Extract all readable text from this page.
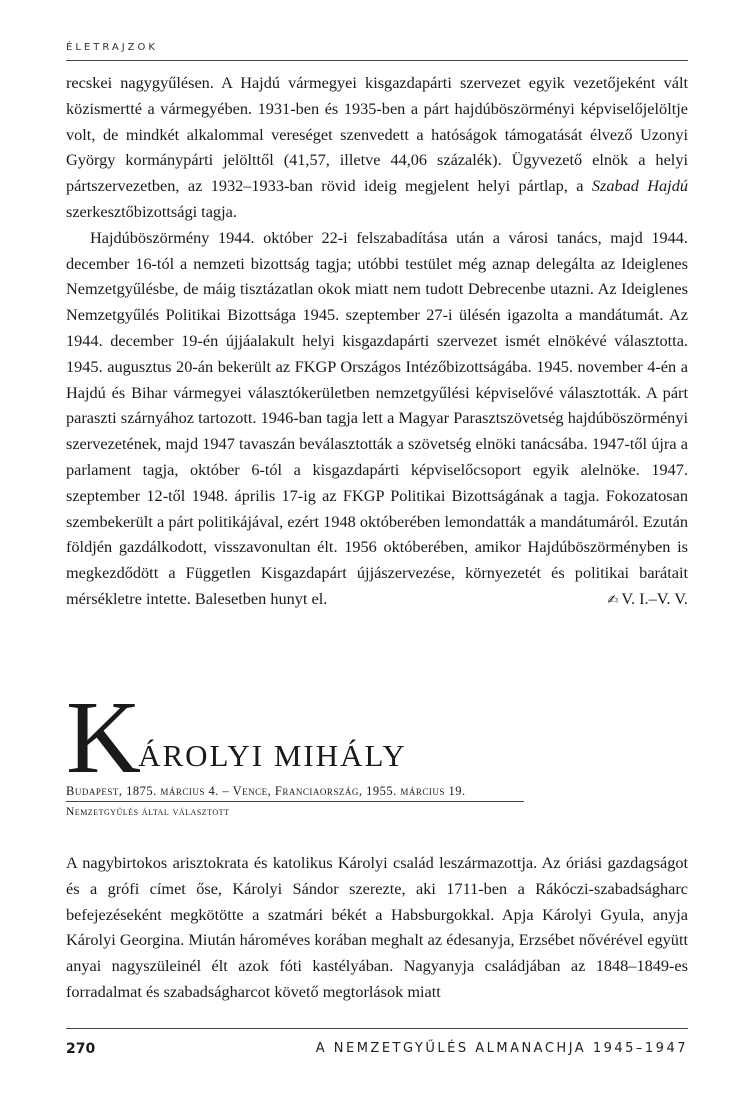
ÉLETRAJZOK

recskei nagygyűlésen. A Hajdú vármegyei kisgazdapárti szervezet egyik vezetőjeként vált közismertté a vármegyében. 1931-ben és 1935-ben a párt hajdúböszörményi képviselőjelöltje volt, de mindkét alkalommal vereséget szenvedett a hatóságok támogatását élvező Uzonyi György kormánypárti jelölttől (41,57, illetve 44,06 százalék). Ügyvezető elnök a helyi pártszervezetben, az 1932–1933-ban rövid ideig megjelent helyi pártlap, a Szabad Hajdú szerkesztőbizottsági tagja.

Hajdúböszörmény 1944. október 22-i felszabadítása után a városi tanács, majd 1944. december 16-tól a nemzeti bizottság tagja; utóbbi testület még aznap delegálta az Ideiglenes Nemzetgyűlésbe, de máig tisztázatlan okok miatt nem tudott Debrecenbe utazni. Az Ideiglenes Nemzetgyűlés Politikai Bizottsága 1945. szeptember 27-i ülésén igazolta a mandátumát. Az 1944. december 19-én újjáalakult helyi kisgazdapárti szervezet ismét elnökévé választotta. 1945. augusztus 20-án bekerült az FKGP Országos Intézőbizottságába. 1945. november 4-én a Hajdú és Bihar vármegyei választókerületben nemzetgyűlési képviselővé választották. A párt paraszti szárnyához tartozott. 1946-ban tagja lett a Magyar Parasztszövetség hajdúböszörményi szervezetének, majd 1947 tavaszán beválasztották a szövetség elnöki tanácsába. 1947-től újra a parlament tagja, október 6-tól a kisgazdapárti képviselőcsoport egyik alelnöke. 1947. szeptember 12-től 1948. április 17-ig az FKGP Politikai Bizottságának a tagja. Fokozatosan szembekerült a párt politikájával, ezért 1948 októberében lemondatták a mandátumáról. Ezután földjén gazdálkodott, visszavonultan élt. 1956 októberében, amikor Hajdúböszörményben is megkezdődött a Független Kisgazdapárt újjászervezése, környezetét és politikai barátait mérsékletre intette. Balesetben hunyt el.	✍ V. I.–V. V.

KÁROLYI MIHÁLY
Budapest, 1875. március 4. – Vence, Franciaország, 1955. március 19.
Nemzetgyűlés által választott

A nagybirtokos arisztokrata és katolikus Károlyi család leszármazottja. Az óriási gazdagságot és a grófi címet őse, Károlyi Sándor szerezte, aki 1711-ben a Rákóczi-szabadságharc befejezéseként megkötötte a szatmári békét a Habsburgokkal. Apja Károlyi Gyula, anyja Károlyi Georgina. Miután hároméves korában meghalt az édesanyja, Erzsébet nővérével együtt anyai nagyszüleinél élt azok fóti kastélyában. Nagyanyja családjában az 1848–1849-es forradalmat és szabadságharcot követő megtorlások miatt

270	A NEMZETGYŰLÉS ALMANACHJA 1945–1947
